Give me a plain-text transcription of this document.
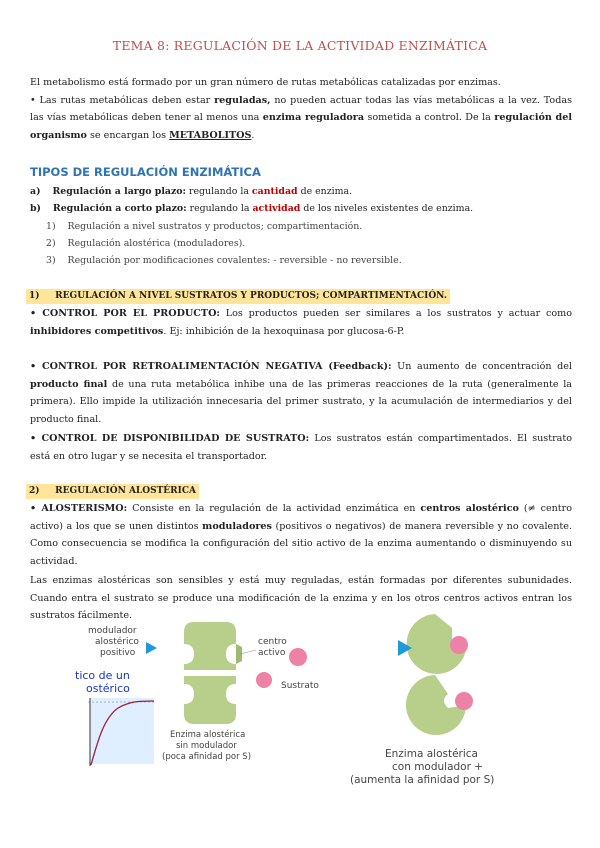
TEMA 8: REGULACIÓN DE LA ACTIVIDAD ENZIMÁTICA

El metabolismo está formado por un gran número de rutas metabólicas catalizadas por enzimas.

• Las rutas metabólicas deben estar reguladas, no pueden actuar todas las vías metabólicas a la vez. Todas las vías metabólicas deben tener al menos una enzima reguladora sometida a control. De la regulación del organismo se encargan los METABOLITOS.

TIPOS DE REGULACIÓN ENZIMÁTICA
a) Regulación a largo plazo: regulando la cantidad de enzima.
b) Regulación a corto plazo: regulando la actividad de los niveles existentes de enzima.
1) Regulación a nivel sustratos y productos; compartimentación.
2) Regulación alostérica (moduladores).
3) Regulación por modificaciones covalentes: - reversible - no reversible.
1)     REGULACIÓN A NIVEL SUSTRATOS Y PRODUCTOS; COMPARTIMENTACIÓN.
• CONTROL POR EL PRODUCTO: Los productos pueden ser similares a los sustratos y actuar como inhibidores competitivos. Ej: inhibición de la hexoquinasa por glucosa-6-P.
• CONTROL POR RETROALIMENTACIÓN NEGATIVA (Feedback): Un aumento de concentración del producto final de una ruta metabólica inhibe una de las primeras reacciones de la ruta (generalmente la primera). Ello impide la utilización innecesaria del primer sustrato, y la acumulación de intermediarios y del producto final.
• CONTROL DE DISPONIBILIDAD DE SUSTRATO: Los sustratos están compartimentados. El sustrato está en otro lugar y se necesita el transportador.
2)     REGULACIÓN ALOSTÉRICA
• ALOSTERISMO: Consiste en la regulación de la actividad enzimática en centros alostérico (≠ centro activo) a los que se unen distintos moduladores (positivos o negativos) de manera reversible y no covalente. Como consecuencia se modifica la configuración del sitio activo de la enzima aumentando o disminuyendo su actividad.
Las enzimas alostéricas son sensibles y está muy reguladas, están formadas por diferentes subunidades. Cuando entra el sustrato se produce una modificación de la enzima y en los otros centros activos entran los sustratos fácilmente.
modulador
alostérico
positivo
tico de un
ostérico
centro
activo
Sustrato
Enzima alostérica
sin modulador
(poca afinidad por S)	Enzima alostérica
con modulador +
(aumenta la afinidad por S)
